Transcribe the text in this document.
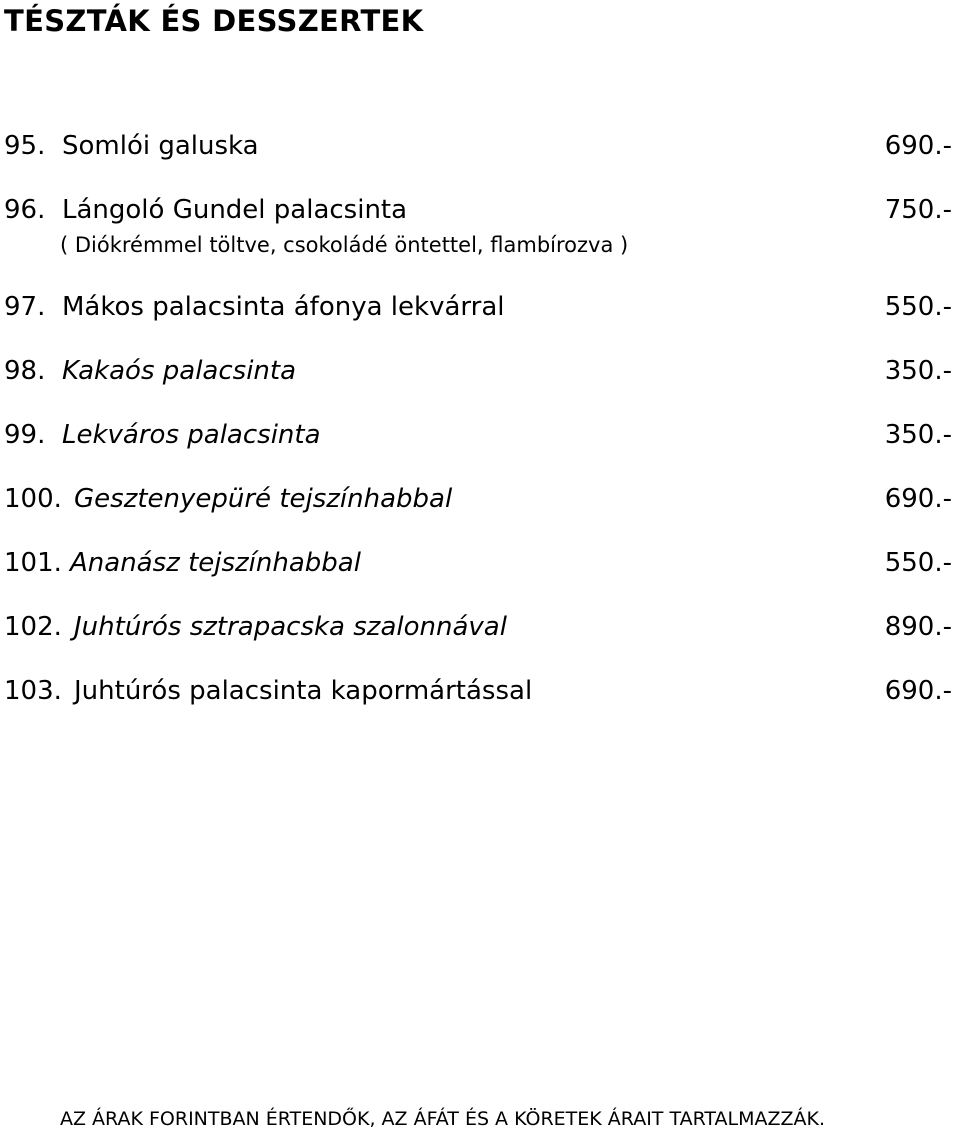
TÉSZTÁK ÉS DESSZERTEK
95. Somlói galuska	690.-
96. Lángoló Gundel palacsinta	750.-
( Diókrémmel töltve, csokoládé öntettel, flambírozva )
97. Mákos palacsinta áfonya lekvárral	550.-
98. Kakaós palacsinta	350.-
99. Lekváros palacsinta	350.-
100. Gesztenyepüré tejszínhabbal	690.-
101. Ananász tejszínhabbal	550.-
102. Juhtúrós sztrapacska szalonnával	890.-
103. Juhtúrós palacsinta kapormártással	690.-
AZ ÁRAK FORINTBAN ÉRTENDŐK, AZ ÁFÁT ÉS A KÖRETEK ÁRAIT TARTALMAZZÁK.
